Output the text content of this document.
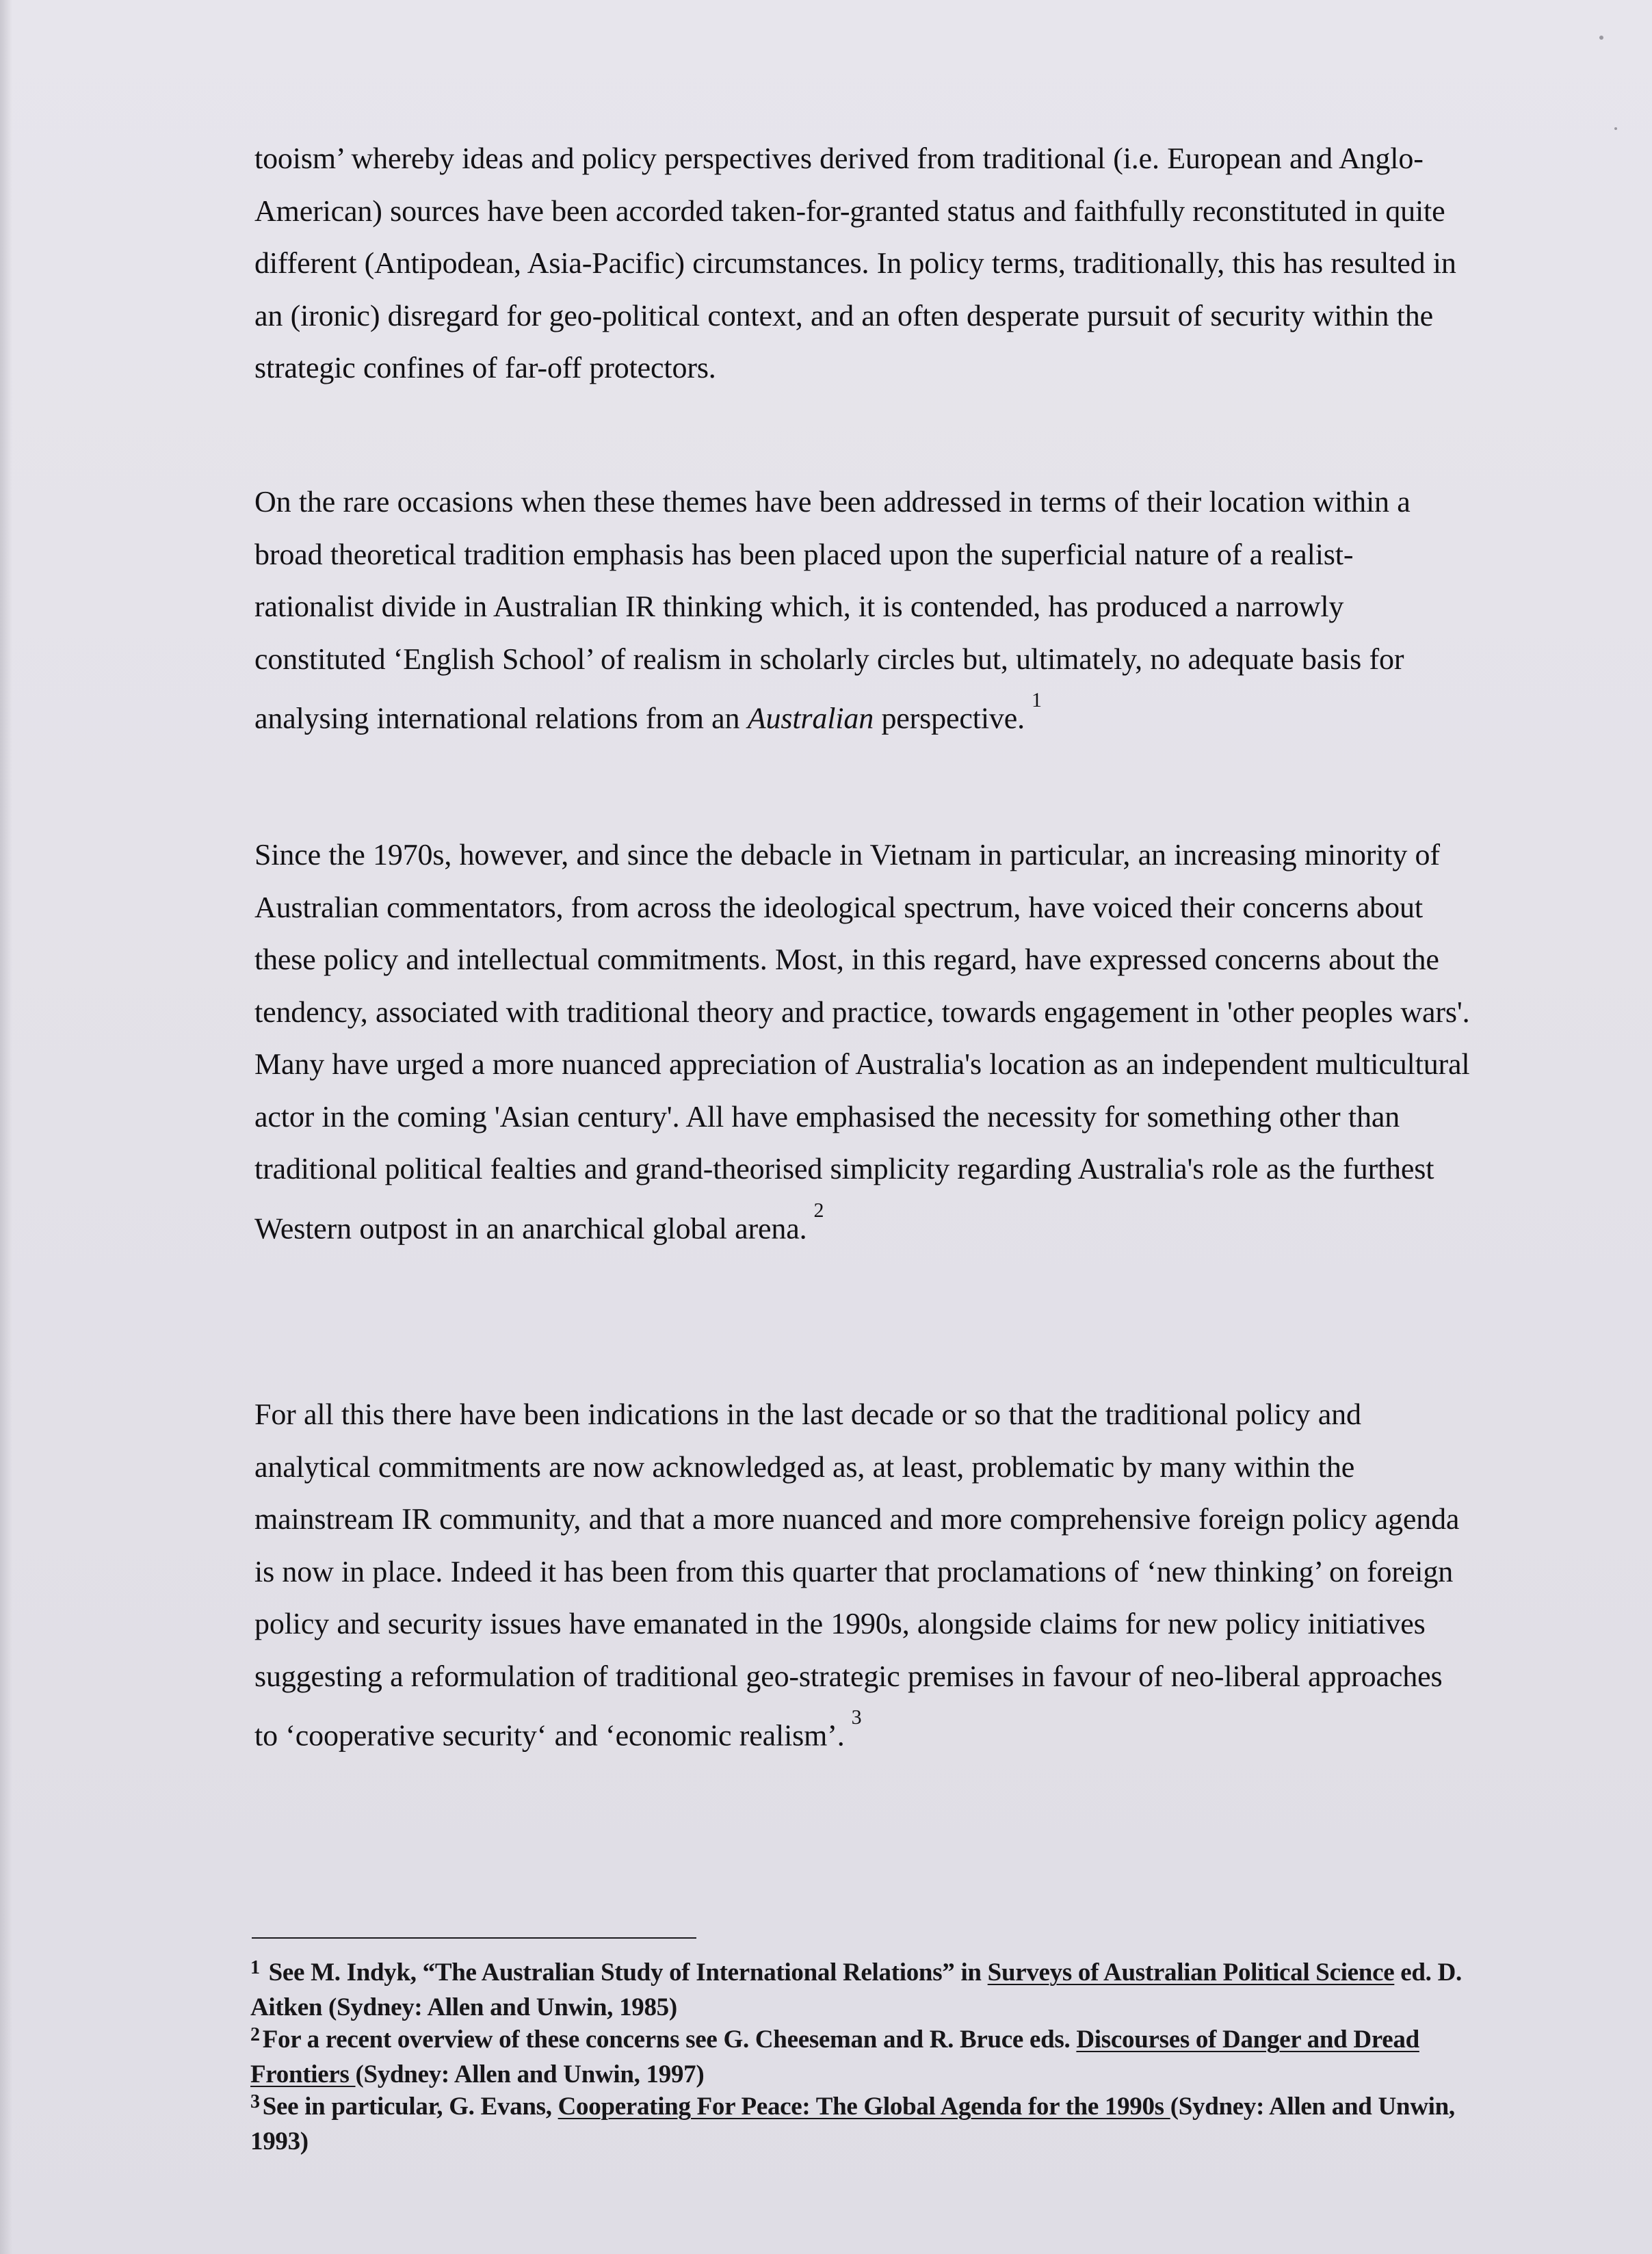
tooism’ whereby ideas and policy perspectives derived from traditional (i.e. European and Anglo-American) sources have been accorded taken-for-granted status and faithfully reconstituted in quite different (Antipodean, Asia-Pacific) circumstances. In policy terms, traditionally, this has resulted in an (ironic) disregard for geo-political context, and an often desperate pursuit of security within the strategic confines of far-off protectors.

On the rare occasions when these themes have been addressed in terms of their location within a broad theoretical tradition emphasis has been placed upon the superficial nature of a realist-rationalist divide in Australian IR thinking which, it is contended, has produced a narrowly constituted ‘English School’ of realism in scholarly circles but, ultimately, no adequate basis for analysing international relations from an Australian perspective.$^1$

Since the 1970s, however, and since the debacle in Vietnam in particular, an increasing minority of Australian commentators, from across the ideological spectrum, have voiced their concerns about these policy and intellectual commitments. Most, in this regard, have expressed concerns about the tendency, associated with traditional theory and practice, towards engagement in 'other peoples wars'. Many have urged a more nuanced appreciation of Australia's location as an independent multicultural actor in the coming 'Asian century'. All have emphasised the necessity for something other than traditional political fealties and grand-theorised simplicity regarding Australia's role as the furthest Western outpost in an anarchical global arena.$^2$

For all this there have been indications in the last decade or so that the traditional policy and analytical commitments are now acknowledged as, at least, problematic by many within the mainstream IR community, and that a more nuanced and more comprehensive foreign policy agenda is now in place. Indeed it has been from this quarter that proclamations of ‘new thinking’ on foreign policy and security issues have emanated in the 1990s, alongside claims for new policy initiatives suggesting a reformulation of traditional geo-strategic premises in favour of neo-liberal approaches to ‘cooperative security‘ and ‘economic realism’.$^3$

$^1$ See M. Indyk, “The Australian Study of International Relations” in Surveys of Australian Political Science ed. D. Aitken (Sydney: Allen and Unwin, 1985)
$^2$ For a recent overview of these concerns see G. Cheeseman and R. Bruce eds. Discourses of Danger and Dread Frontiers (Sydney: Allen and Unwin, 1997)
$^3$ See in particular, G. Evans, Cooperating For Peace: The Global Agenda for the 1990s (Sydney: Allen and Unwin, 1993)
